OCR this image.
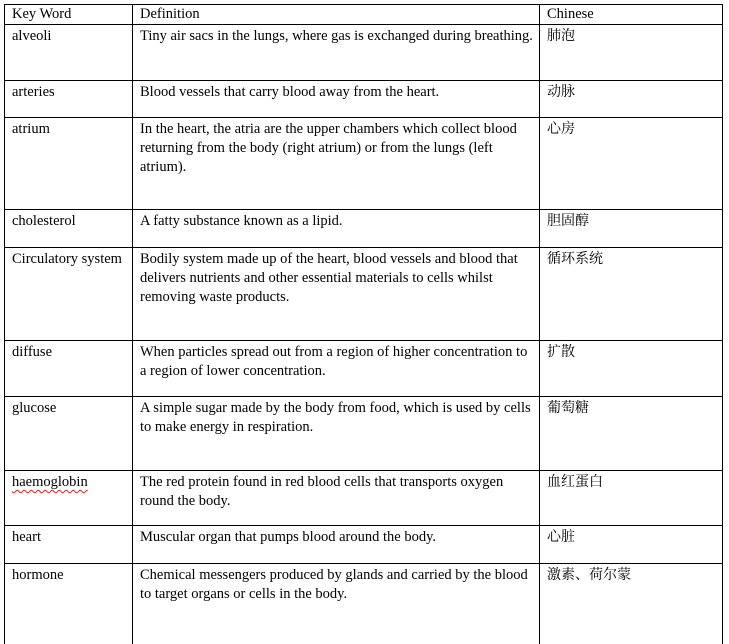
Key Word	Definition	Chinese
alveoli	Tiny air sacs in the lungs, where gas is exchanged during breathing.	肺泡
arteries	Blood vessels that carry blood away from the heart.	动脉
atrium	In the heart, the atria are the upper chambers which collect blood returning from the body (right atrium) or from the lungs (left atrium).	心房
cholesterol	A fatty substance known as a lipid.	胆固醇
Circulatory system	Bodily system made up of the heart, blood vessels and blood that delivers nutrients and other essential materials to cells whilst removing waste products.	循环系统
diffuse	When particles spread out from a region of higher concentration to a region of lower concentration.	扩散
glucose	A simple sugar made by the body from food, which is used by cells to make energy in respiration.	葡萄糖
haemoglobin	The red protein found in red blood cells that transports oxygen round the body.	血红蛋白
heart	Muscular organ that pumps blood around the body.	心脏
hormone	Chemical messengers produced by glands and carried by the blood to target organs or cells in the body.	激素、荷尔蒙
